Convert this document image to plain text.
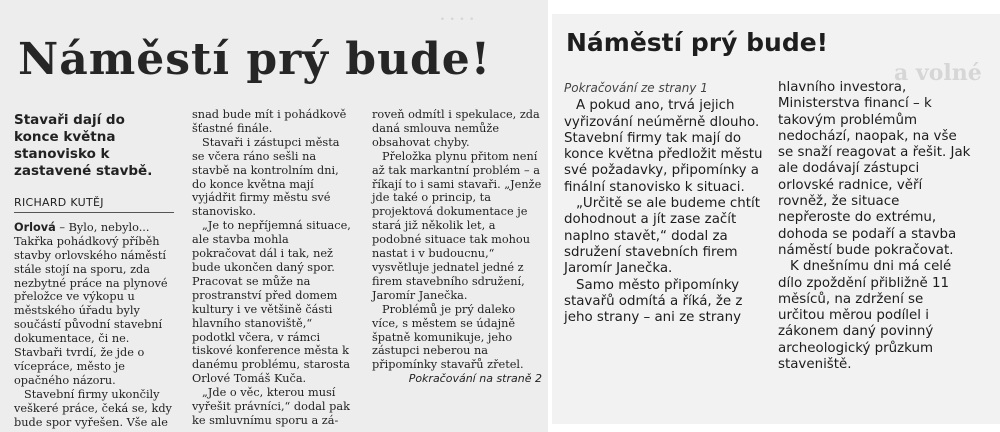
. . . .
Náměstí prý bude!
Stavaři dají do konce května stanovisko k zastavené stavbě.
RICHARD KUTĚJ

Orlová – Bylo, nebylo... Takřka pohádkový příběh stavby orlovského náměstí stále stojí na sporu, zda nezbytné práce na plynové přeložce ve výkopu u městského úřadu byly součástí původní stavební dokumentace, či ne. Stavbaři tvrdí, že jde o vícepráce, město je opačného názoru.

Stavební firmy ukončily veškeré práce, čeká se, kdy bude spor vyřešen. Vše ale

snad bude mít i pohádkově šťastné finále.

Stavaři i zástupci města se včera ráno sešli na stavbě na kontrolním dni, do konce května mají vyjádřit firmy městu své stanovisko.

„Je to nepříjemná situace, ale stavba mohla pokračovat dál i tak, než bude ukončen daný spor. Pracovat se může na prostranství před domem kultury i ve většině části hlavního stanoviště,“ podotkl včera, v rámci tiskové konference města k danému problému, starosta Orlové Tomáš Kuča.

„Jde o věc, kterou musí vyřešit právníci,“ dodal pak ke smluvnímu sporu a zá-

roveň odmítl i spekulace, zda daná smlouva nemůže obsahovat chyby.

Přeložka plynu přitom není až tak markantní problém – a říkají to i sami stavaři. „Jenže jde také o princip, ta projektová dokumentace je stará již několik let, a podobné situace tak mohou nastat i v budoucnu,“ vysvětluje jednatel jedné z firem stavebního sdružení, Jaromír Janečka.

Problémů je prý daleko více, s městem se údajně špatně komunikuje, jeho zástupci neberou na připomínky stavařů zřetel.

Pokračování na straně 2
a volné
Náměstí prý bude!
Pokračování ze strany 1

A pokud ano, trvá jejich vyřizování neúměrně dlouho. Stavební firmy tak mají do konce května předložit městu své požadavky, připomínky a finální stanovisko k situaci.

„Určitě se ale budeme chtít dohodnout a jít zase začít naplno stavět,“ dodal za sdružení stavebních firem Jaromír Janečka.

Samo město připomínky stavařů odmítá a říká, že z jeho strany – ani ze strany

hlavního investora, Ministerstva financí – k takovým problémům nedochází, naopak, na vše se snaží reagovat a řešit. Jak ale dodávají zástupci orlovské radnice, věří rovněž, že situace nepřeroste do extrému, dohoda se podaří a stavba náměstí bude pokračovat.

K dnešnímu dni má celé dílo zpoždění přibližně 11 měsíců, na zdržení se určitou měrou podílel i zákonem daný povinný archeologický průzkum staveniště.
